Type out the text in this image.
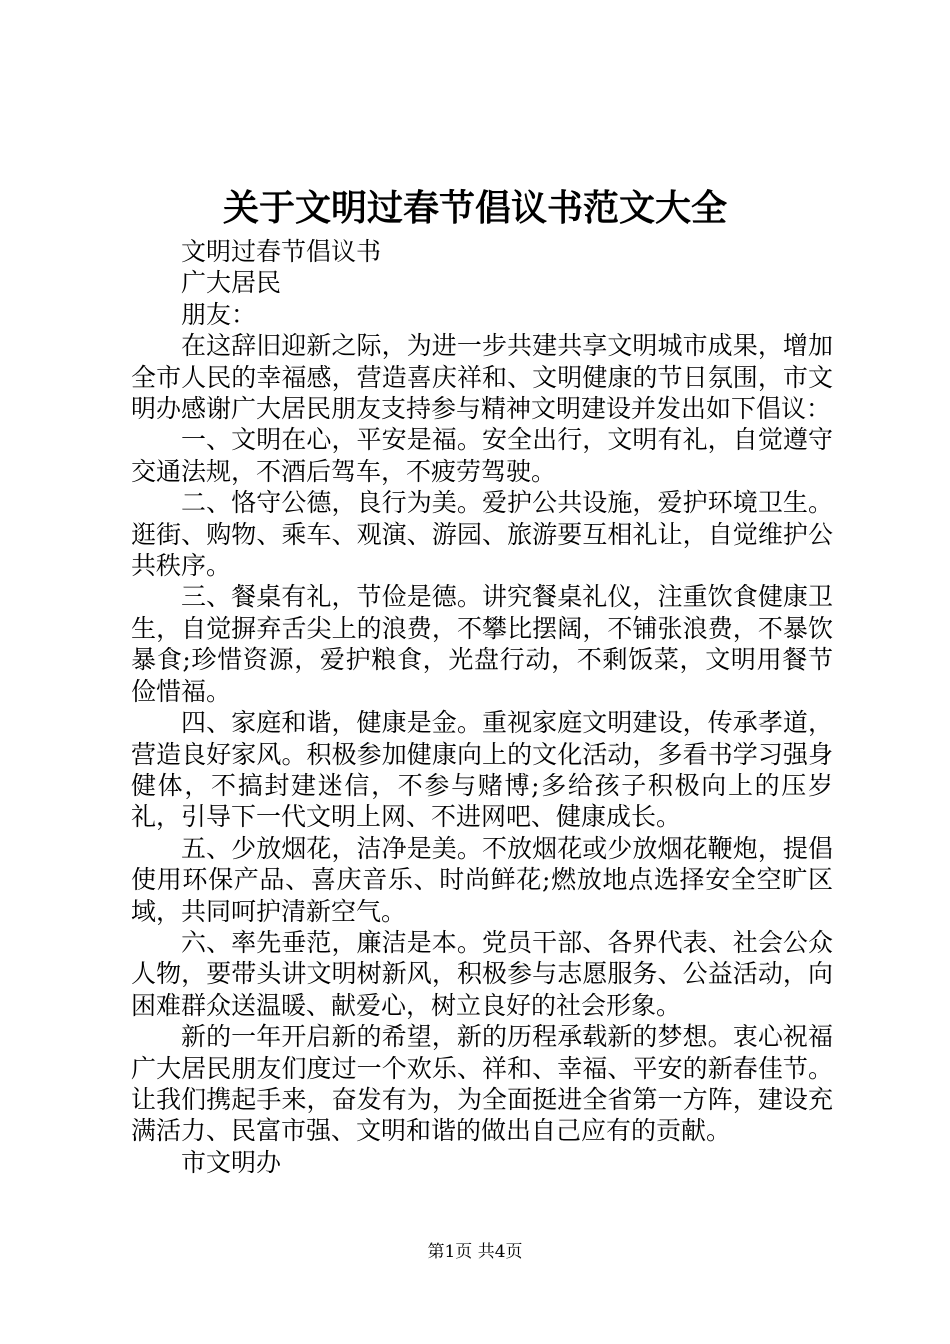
关于文明过春节倡议书范文大全

文明过春节倡议书

广大居民

朋友：

在这辞旧迎新之际，为进一步共建共享文明城市成果，增加全市人民的幸福感，营造喜庆祥和、文明健康的节日氛围，市文明办感谢广大居民朋友支持参与精神文明建设并发出如下倡议：

一、文明在心，平安是福。安全出行，文明有礼，自觉遵守交通法规，不酒后驾车，不疲劳驾驶。

二、恪守公德，良行为美。爱护公共设施，爱护环境卫生。逛街、购物、乘车、观演、游园、旅游要互相礼让，自觉维护公共秩序。

三、餐桌有礼，节俭是德。讲究餐桌礼仪，注重饮食健康卫生，自觉摒弃舌尖上的浪费，不攀比摆阔，不铺张浪费，不暴饮暴食;珍惜资源，爱护粮食，光盘行动，不剩饭菜，文明用餐节俭惜福。

四、家庭和谐，健康是金。重视家庭文明建设，传承孝道，营造良好家风。积极参加健康向上的文化活动，多看书学习强身健体，不搞封建迷信，不参与赌博;多给孩子积极向上的压岁礼，引导下一代文明上网、不进网吧、健康成长。

五、少放烟花，洁净是美。不放烟花或少放烟花鞭炮，提倡使用环保产品、喜庆音乐、时尚鲜花;燃放地点选择安全空旷区域，共同呵护清新空气。

六、率先垂范，廉洁是本。党员干部、各界代表、社会公众人物，要带头讲文明树新风，积极参与志愿服务、公益活动，向困难群众送温暖、献爱心，树立良好的社会形象。

新的一年开启新的希望，新的历程承载新的梦想。衷心祝福广大居民朋友们度过一个欢乐、祥和、幸福、平安的新春佳节。让我们携起手来，奋发有为，为全面挺进全省第一方阵，建设充满活力、民富市强、文明和谐的做出自己应有的贡献。

市文明办

第1页 共4页
